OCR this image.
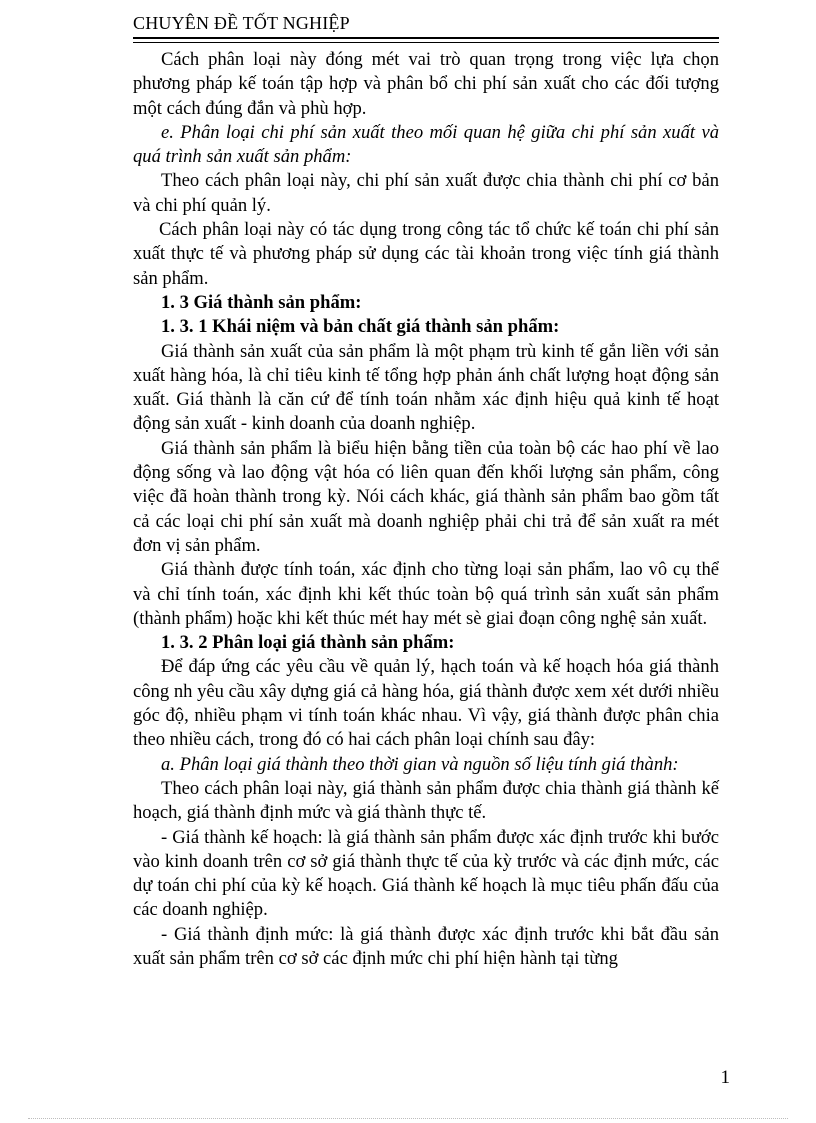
CHUYÊN ĐỀ TỐT NGHIỆP

Cách phân loại này đóng mét vai trò quan trọng trong việc lựa chọn phương pháp kế toán tập hợp và phân bổ chi phí sản xuất cho các đối tượng một cách đúng đắn và phù hợp.

e. Phân loại chi phí sản xuất theo mối quan hệ giữa chi phí sản xuất và quá trình sản xuất sản phẩm:

Theo cách phân loại này, chi phí sản xuất được chia thành chi phí cơ bản và chi phí quản lý.

Cách phân loại này có tác dụng trong công tác tổ chức kế toán chi phí sản xuất thực tế và phương pháp sử dụng các tài khoản trong việc tính giá thành sản phẩm.

1. 3 Giá thành sản phẩm:

1. 3. 1 Khái niệm và bản chất giá thành sản phẩm:

Giá thành sản xuất của sản phẩm là một phạm trù kinh tế gắn liền với sản xuất hàng hóa, là chỉ tiêu kinh tế tổng hợp phản ánh chất lượng hoạt động sản xuất. Giá thành là căn cứ để tính toán nhằm xác định hiệu quả kinh tế hoạt động sản xuất - kinh doanh của doanh nghiệp.

Giá thành sản phẩm là biểu hiện bằng tiền của toàn bộ các hao phí về lao động sống và lao động vật hóa có liên quan đến khối lượng sản phẩm, công việc đã hoàn thành trong kỳ. Nói cách khác, giá thành sản phẩm bao gồm tất cả các loại chi phí sản xuất mà doanh nghiệp phải chi trả để sản xuất ra mét đơn vị sản phẩm.

Giá thành được tính toán, xác định cho từng loại sản phẩm, lao vô cụ thể và chỉ tính toán, xác định khi kết thúc toàn bộ quá trình sản xuất sản phẩm (thành phẩm) hoặc khi kết thúc mét hay mét sè giai đoạn công nghệ sản xuất.

1. 3. 2 Phân loại giá thành sản phẩm:

Để đáp ứng các yêu cầu về quản lý, hạch toán và kế hoạch hóa giá thành công nh yêu cầu xây dựng giá cả hàng hóa, giá thành được xem xét dưới nhiều góc độ, nhiều phạm vi tính toán khác nhau. Vì vậy, giá thành được phân chia theo nhiều cách, trong đó có hai cách phân loại chính sau đây:

a. Phân loại giá thành theo thời gian và nguồn số liệu tính giá thành:

Theo cách phân loại này, giá thành sản phẩm được chia thành giá thành kế hoạch, giá thành định mức và giá thành thực tế.

- Giá thành kế hoạch: là giá thành sản phẩm được xác định trước khi bước vào kinh doanh trên cơ sở giá thành thực tế của kỳ trước và các định mức, các dự toán chi phí của kỳ kế hoạch. Giá thành kế hoạch là mục tiêu phấn đấu của các doanh nghiệp.

- Giá thành định mức: là giá thành được xác định trước khi bắt đầu sản xuất sản phẩm trên cơ sở các định mức chi phí hiện hành tại từng

1
